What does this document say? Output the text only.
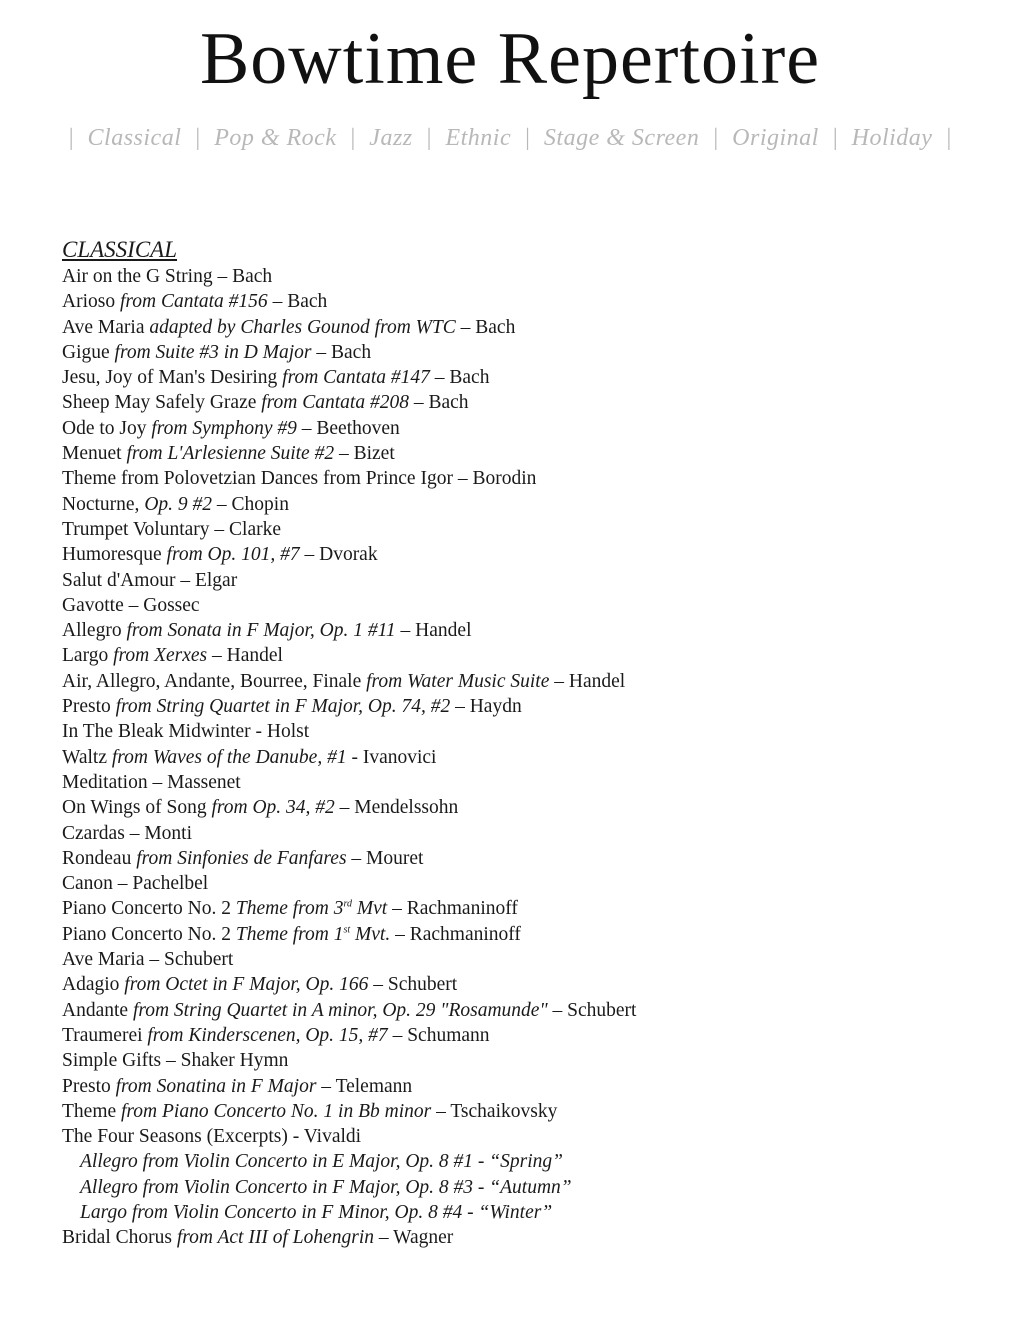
Bowtime Repertoire
| Classical | Pop & Rock | Jazz | Ethnic | Stage & Screen | Original | Holiday |
CLASSICAL
Air on the G String – Bach
Arioso from Cantata #156 – Bach
Ave Maria adapted by Charles Gounod from WTC – Bach
Gigue from Suite #3 in D Major – Bach
Jesu, Joy of Man's Desiring from Cantata #147 – Bach
Sheep May Safely Graze from Cantata #208 – Bach
Ode to Joy from Symphony #9 – Beethoven
Menuet from L'Arlesienne Suite #2 – Bizet
Theme from Polovetzian Dances from Prince Igor – Borodin
Nocturne, Op. 9 #2 – Chopin
Trumpet Voluntary – Clarke
Humoresque from Op. 101, #7 – Dvorak
Salut d'Amour – Elgar
Gavotte – Gossec
Allegro from Sonata in F Major, Op. 1 #11 – Handel
Largo from Xerxes – Handel
Air, Allegro, Andante, Bourree, Finale from Water Music Suite – Handel
Presto from String Quartet in F Major, Op. 74, #2 – Haydn
In The Bleak Midwinter - Holst
Waltz from Waves of the Danube, #1 - Ivanovici
Meditation – Massenet
On Wings of Song from Op. 34, #2 – Mendelssohn
Czardas – Monti
Rondeau from Sinfonies de Fanfares – Mouret
Canon – Pachelbel
Piano Concerto No. 2 Theme from 3rd Mvt – Rachmaninoff
Piano Concerto No. 2 Theme from 1st Mvt. – Rachmaninoff
Ave Maria – Schubert
Adagio from Octet in F Major, Op. 166 – Schubert
Andante from String Quartet in A minor, Op. 29 "Rosamunde" – Schubert
Traumerei from Kinderscenen, Op. 15, #7 – Schumann
Simple Gifts – Shaker Hymn
Presto from Sonatina in F Major – Telemann
Theme from Piano Concerto No. 1 in Bb minor – Tschaikovsky
The Four Seasons (Excerpts) - Vivaldi
Allegro from Violin Concerto in E Major, Op. 8 #1 - “Spring”
Allegro from Violin Concerto in F Major, Op. 8 #3 - “Autumn”
Largo from Violin Concerto in F Minor, Op. 8 #4 - “Winter”
Bridal Chorus from Act III of Lohengrin – Wagner
